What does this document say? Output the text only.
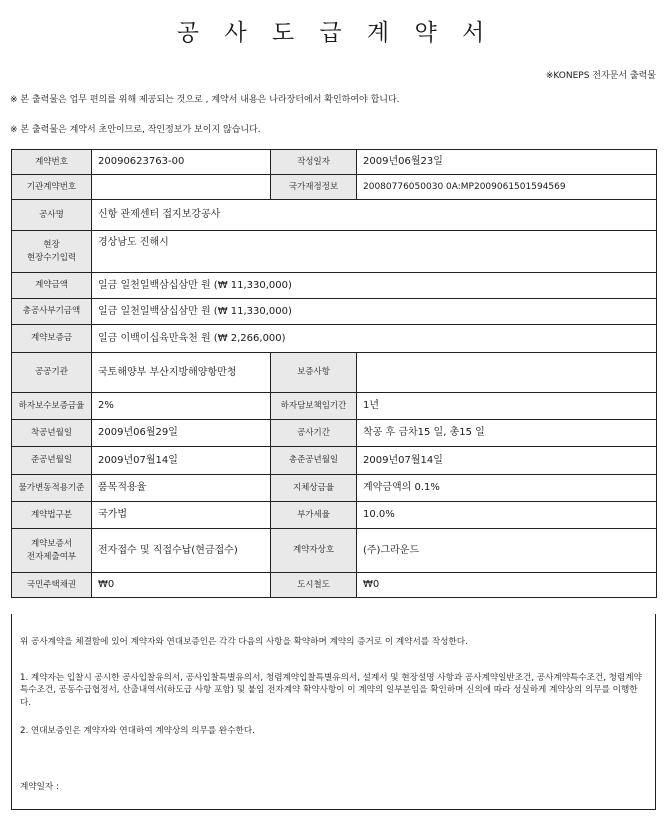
공 사 도 급 계 약 서
※KONEPS 전자문서 출력물
※ 본 출력물은 업무 편의를 위해 제공되는 것으로 , 계약서 내용은 나라장터에서 확인하여야 합니다.
※ 본 출력물은 계약서 초안이므로, 작인정보가 보이지 않습니다.
계약번호	20090623763-00	작성일자	2009년06월23일
기관계약번호		국가재정정보	20080776050030 0A:MP2009061501594569
공사명	신항 관제센터 접지보강공사		

현장
현장수기입력	경상남도 진해시		
계약금액	일금 일천일백삼십삼만 원 (₩ 11,330,000)		
총공사부기금액	일금 일천일백삼십삼만 원 (₩ 11,330,000)		
계약보증금	일금 이백이십육만육천 원 (₩ 2,266,000)		
공공기관	국토해양부 부산지방해양항만청	보증사항	
하자보수보증금율	2%	하자담보책임기간	1년
착공년월일	2009년06월29일	공사기간	착공 후 금차15 일, 총15 일
준공년월일	2009년07월14일	총준공년월일	2009년07월14일
물가변동적용기준	품목적용율	지체상금율	계약금액의 0.1%
계약법구분	국가법	부가세율	10.0%

계약보증서
전자제출여부	전자접수 및 직접수납(현금접수)	계약자상호	(주)그라운드
국민주택채권	₩0	도시철도	₩0

위 공사계약을 체결함에 있어 계약자와 연대보증인은 각각 다음의 사항을 확약하며 계약의 증거로 이 계약서를 작성한다.

1. 계약자는 입찰시 공시한 공사입찰유의서, 공사입찰특별유의서, 청렴계약입찰특별유의서, 설계서 및 현장설명 사항과 공사계약일반조건, 공사계약특수조건, 청렴계약특수조건, 공동수급협정서, 산출내역서(하도급 사항 포함) 및 붙임 전자계약 확약사항이 이 계약의 일부분임을 확인하며 신의에 따라 성실하게 계약상의 의무를 이행한다.

2. 연대보증인은 계약자와 연대하여 계약상의 의무를 완수한다.

계약일자 :
